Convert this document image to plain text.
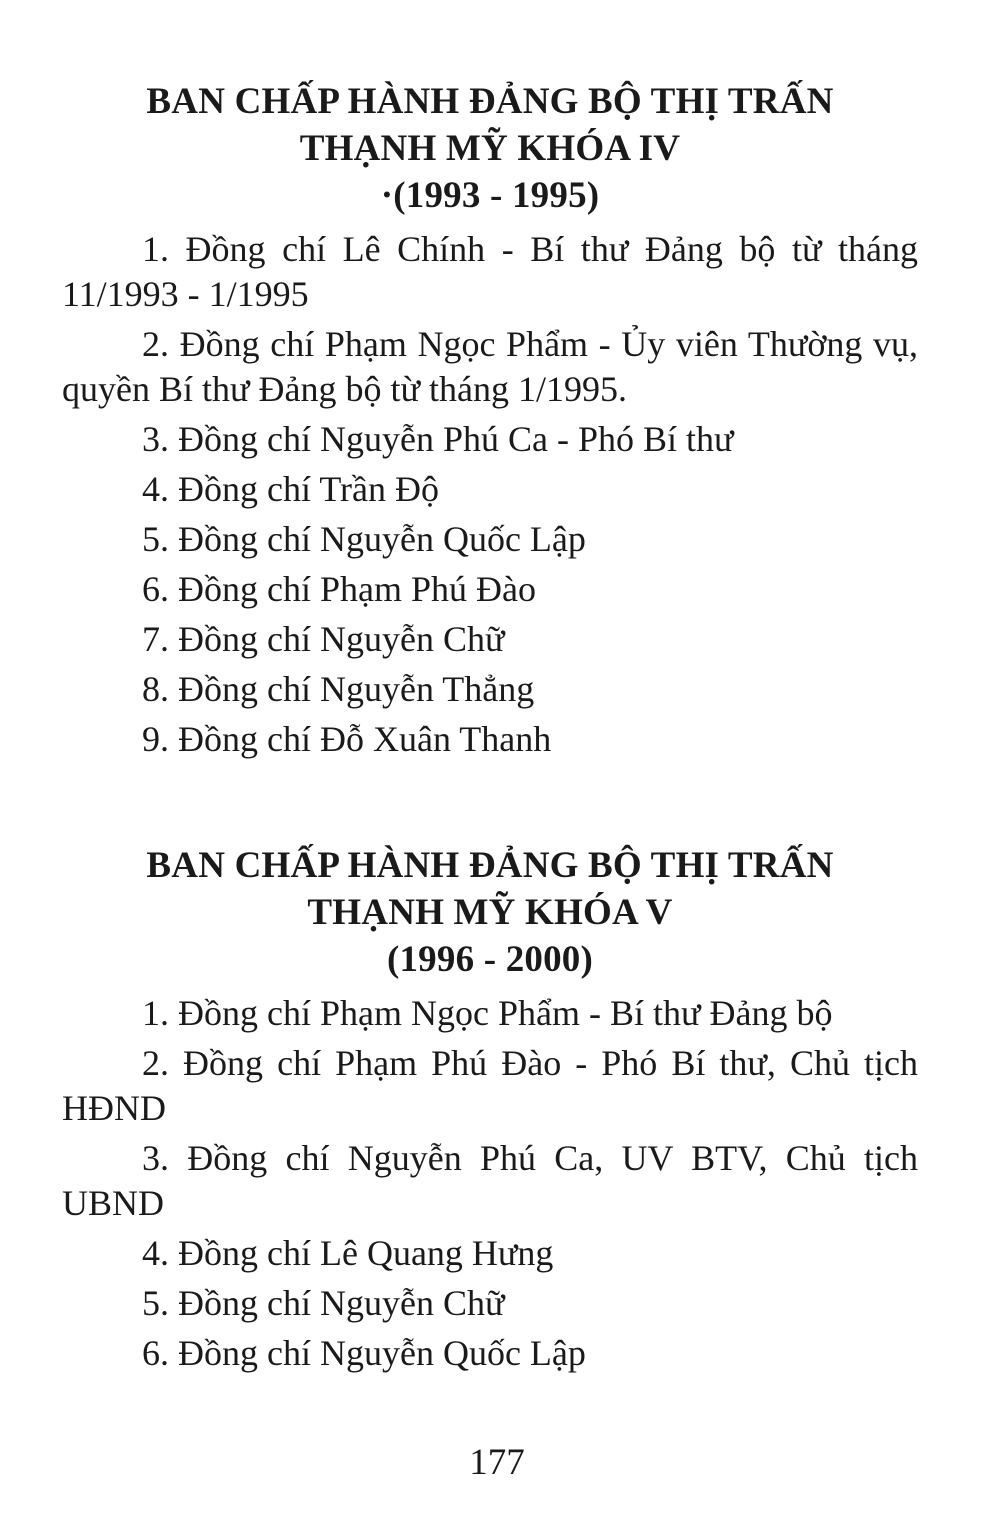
BAN CHẤP HÀNH ĐẢNG BỘ THỊ TRẤN
THẠNH MỸ KHÓA IV
·(1993 - 1995)
1. Đồng chí Lê Chính - Bí thư Đảng bộ từ tháng 11/1993 - 1/1995
2. Đồng chí Phạm Ngọc Phẩm - Ủy viên Thường vụ, quyền Bí thư Đảng bộ từ tháng 1/1995.
3. Đồng chí Nguyễn Phú Ca - Phó Bí thư
4. Đồng chí Trần Độ
5. Đồng chí Nguyễn Quốc Lập
6. Đồng chí Phạm Phú Đào
7. Đồng chí Nguyễn Chữ
8. Đồng chí Nguyễn Thẳng
9. Đồng chí Đỗ Xuân Thanh
BAN CHẤP HÀNH ĐẢNG BỘ THỊ TRẤN
THẠNH MỸ KHÓA V
(1996 - 2000)
1. Đồng chí Phạm Ngọc Phẩm - Bí thư Đảng bộ
2. Đồng chí Phạm Phú Đào - Phó Bí thư, Chủ tịch HĐND
3. Đồng chí Nguyễn Phú Ca, UV BTV, Chủ tịch UBND
4. Đồng chí Lê Quang Hưng
5. Đồng chí Nguyễn Chữ
6. Đồng chí Nguyễn Quốc Lập
177
